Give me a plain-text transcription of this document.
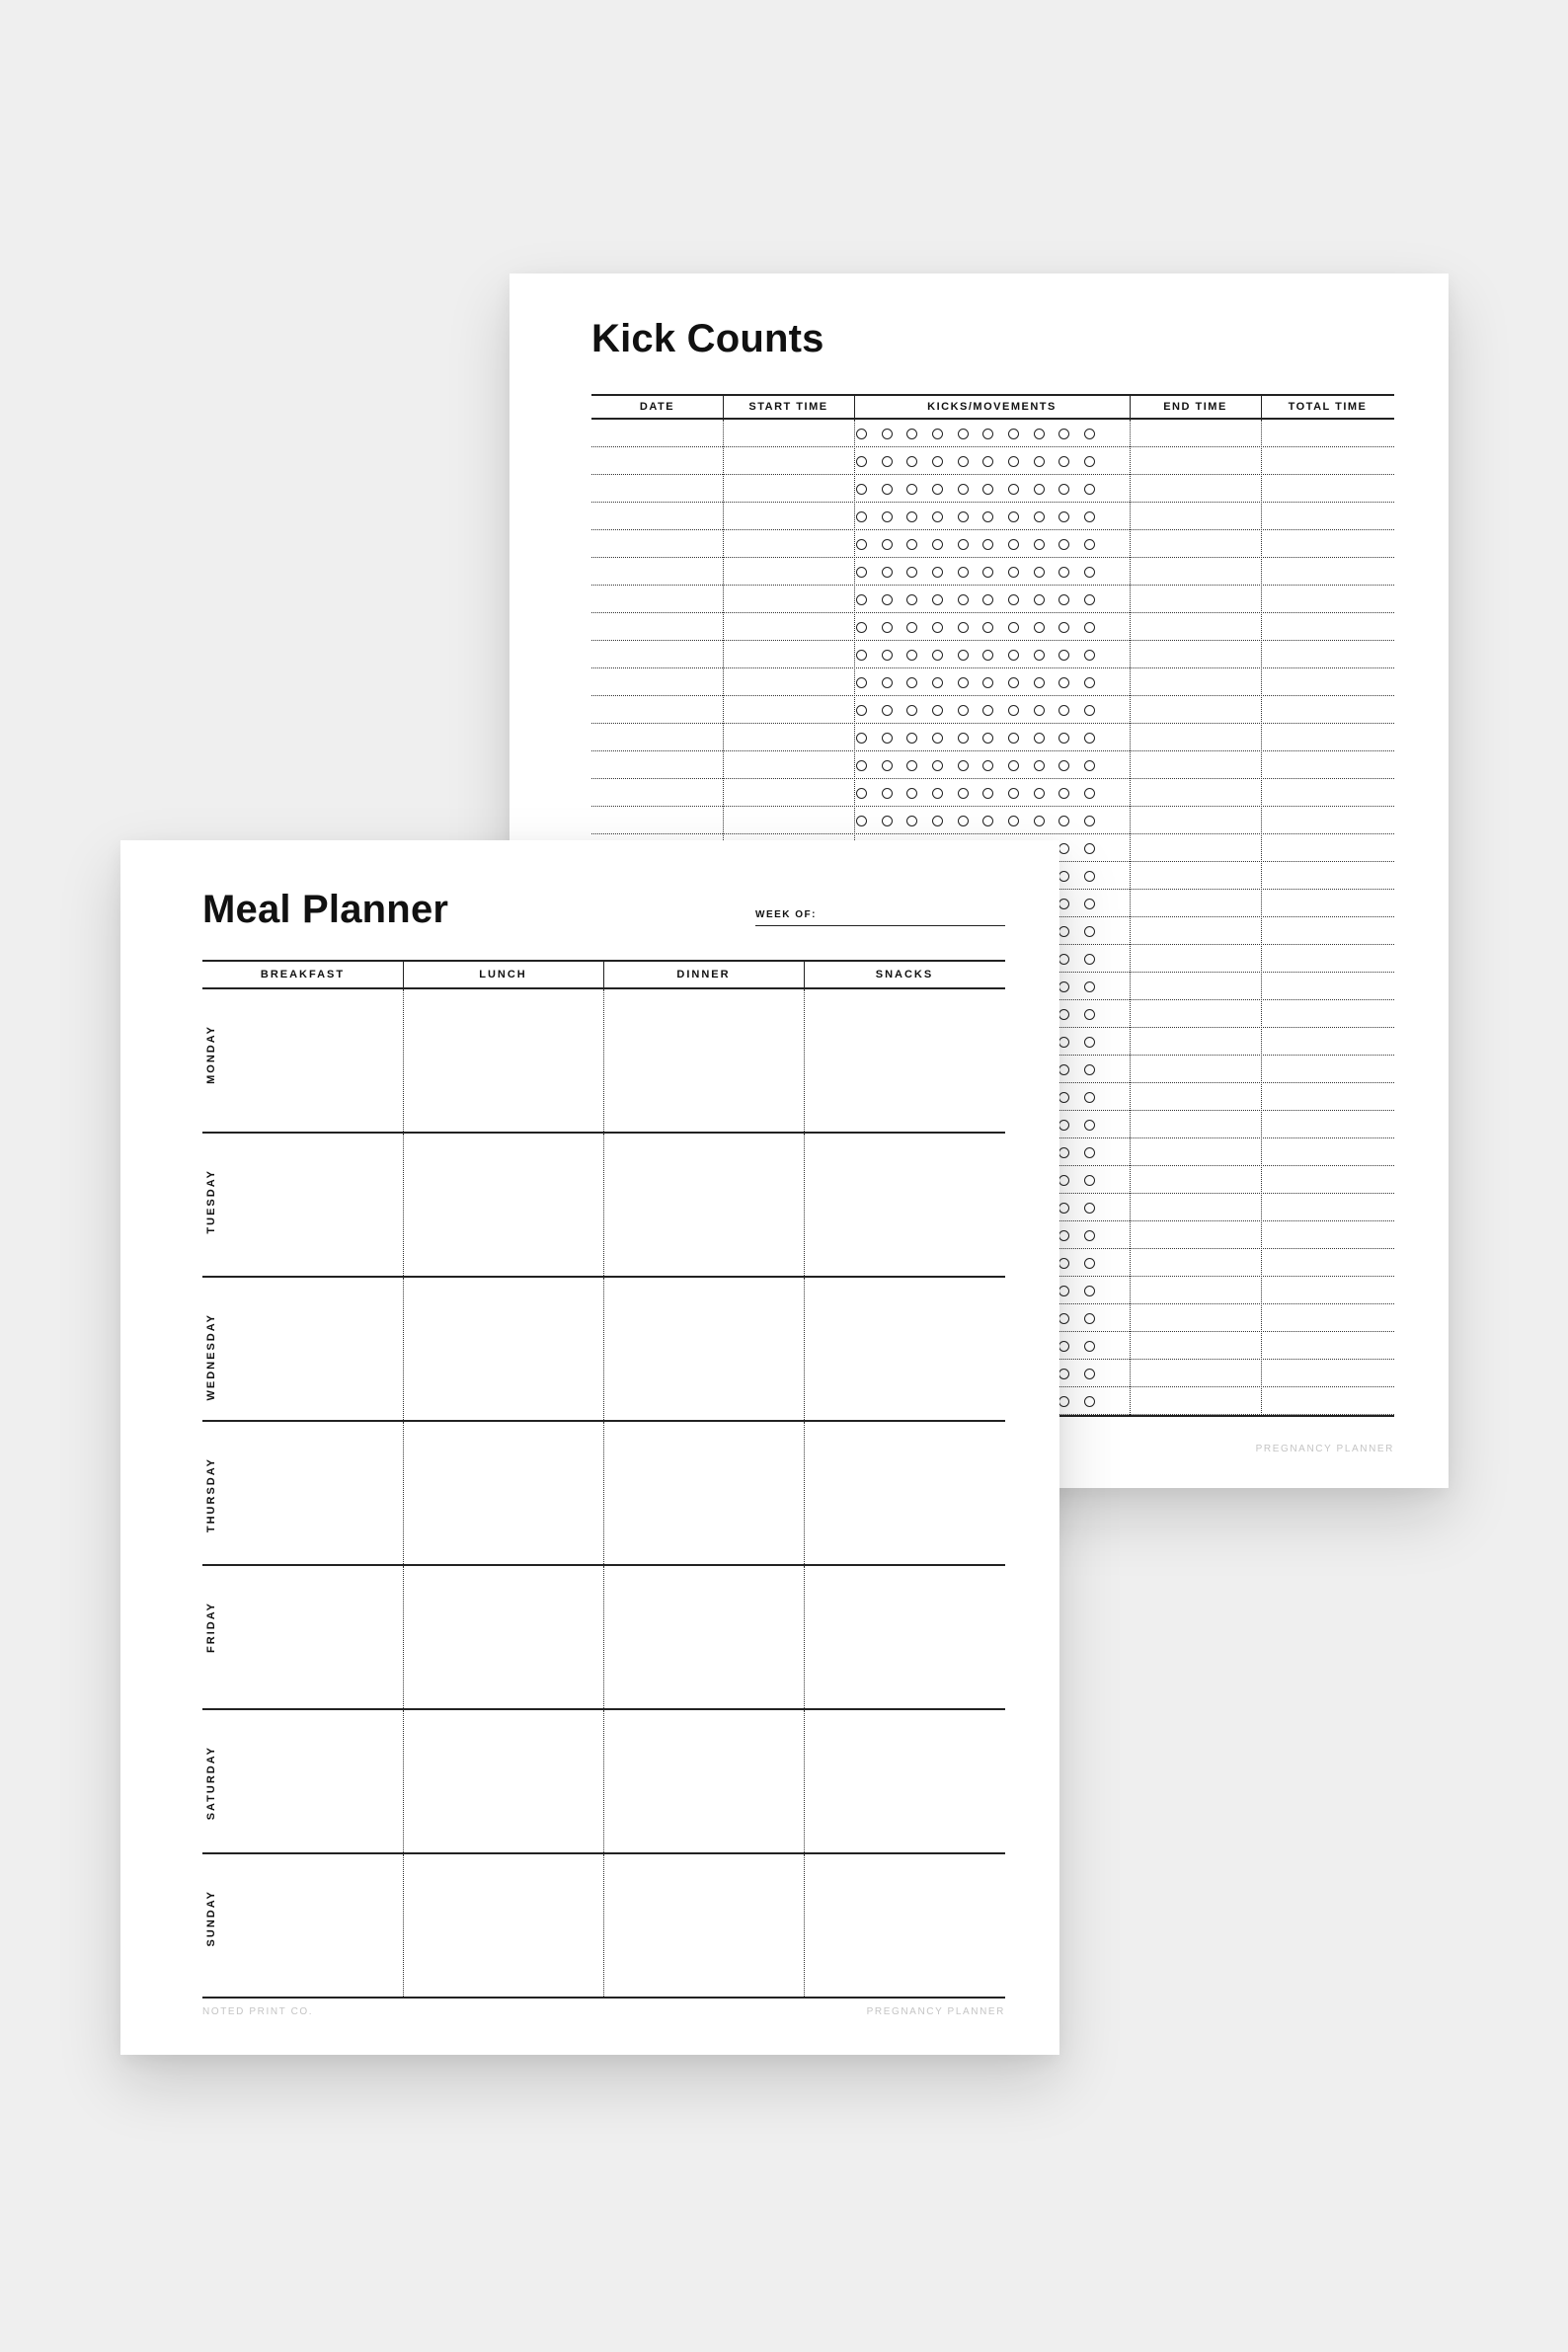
Kick Counts
DATE	START TIME	KICKS/MOVEMENTS	END TIME	TOTAL TIME
PREGNANCY PLANNER
Meal Planner	WEEK OF:
BREAKFAST	LUNCH	DINNER	SNACKS
MONDAY
TUESDAY
WEDNESDAY
THURSDAY
FRIDAY
SATURDAY
SUNDAY
NOTED PRINT CO.	PREGNANCY PLANNER
